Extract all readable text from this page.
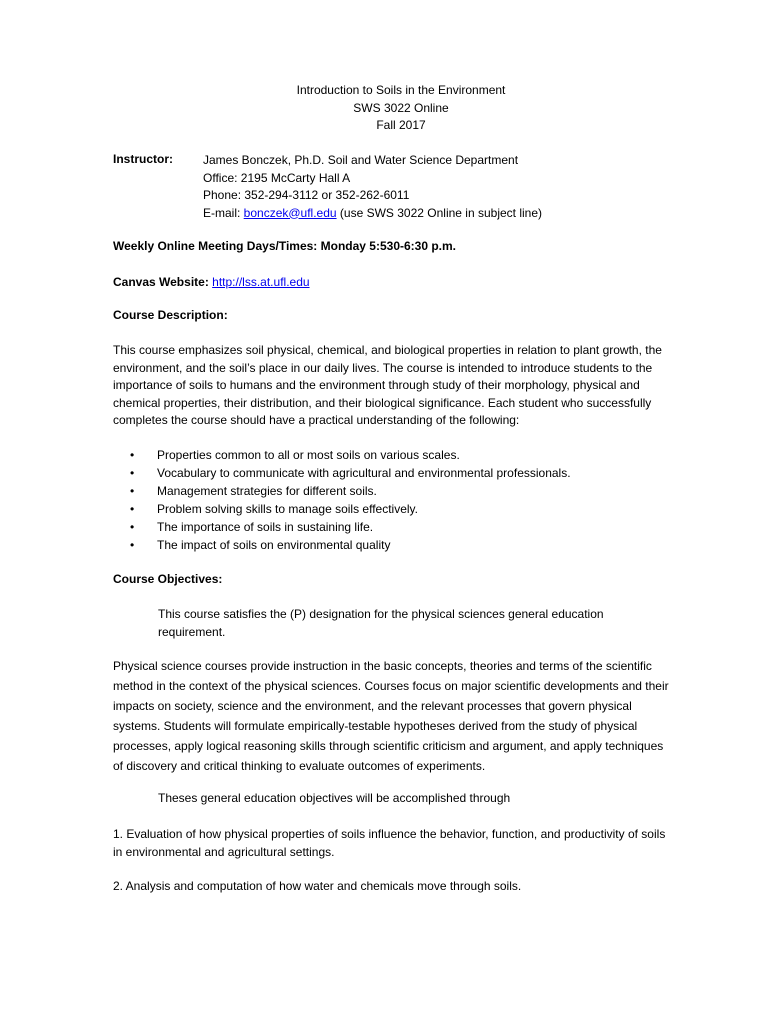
Introduction to Soils in the Environment
SWS 3022 Online
Fall 2017
Instructor:	James Bonczek, Ph.D. Soil and Water Science Department
Office: 2195 McCarty Hall A
Phone: 352-294-3112 or 352-262-6011
E-mail: bonczek@ufl.edu (use SWS 3022 Online in subject line)
Weekly Online Meeting Days/Times: Monday 5:530-6:30 p.m.
Canvas Website: http://lss.at.ufl.edu
Course Description:
This course emphasizes soil physical, chemical, and biological properties in relation to plant growth, the environment, and the soil’s place in our daily lives. The course is intended to introduce students to the importance of soils to humans and the environment through study of their morphology, physical and chemical properties, their distribution, and their biological significance. Each student who successfully completes the course should have a practical understanding of the following:
• Properties common to all or most soils on various scales.
• Vocabulary to communicate with agricultural and environmental professionals.
• Management strategies for different soils.
• Problem solving skills to manage soils effectively.
• The importance of soils in sustaining life.
• The impact of soils on environmental quality
Course Objectives:
This course satisfies the (P) designation for the physical sciences general education requirement.
Physical science courses provide instruction in the basic concepts, theories and terms of the scientific method in the context of the physical sciences. Courses focus on major scientific developments and their impacts on society, science and the environment, and the relevant processes that govern physical systems. Students will formulate empirically-testable hypotheses derived from the study of physical processes, apply logical reasoning skills through scientific criticism and argument, and apply techniques of discovery and critical thinking to evaluate outcomes of experiments.
Theses general education objectives will be accomplished through
1. Evaluation of how physical properties of soils influence the behavior, function, and productivity of soils in environmental and agricultural settings.
2. Analysis and computation of how water and chemicals move through soils.
